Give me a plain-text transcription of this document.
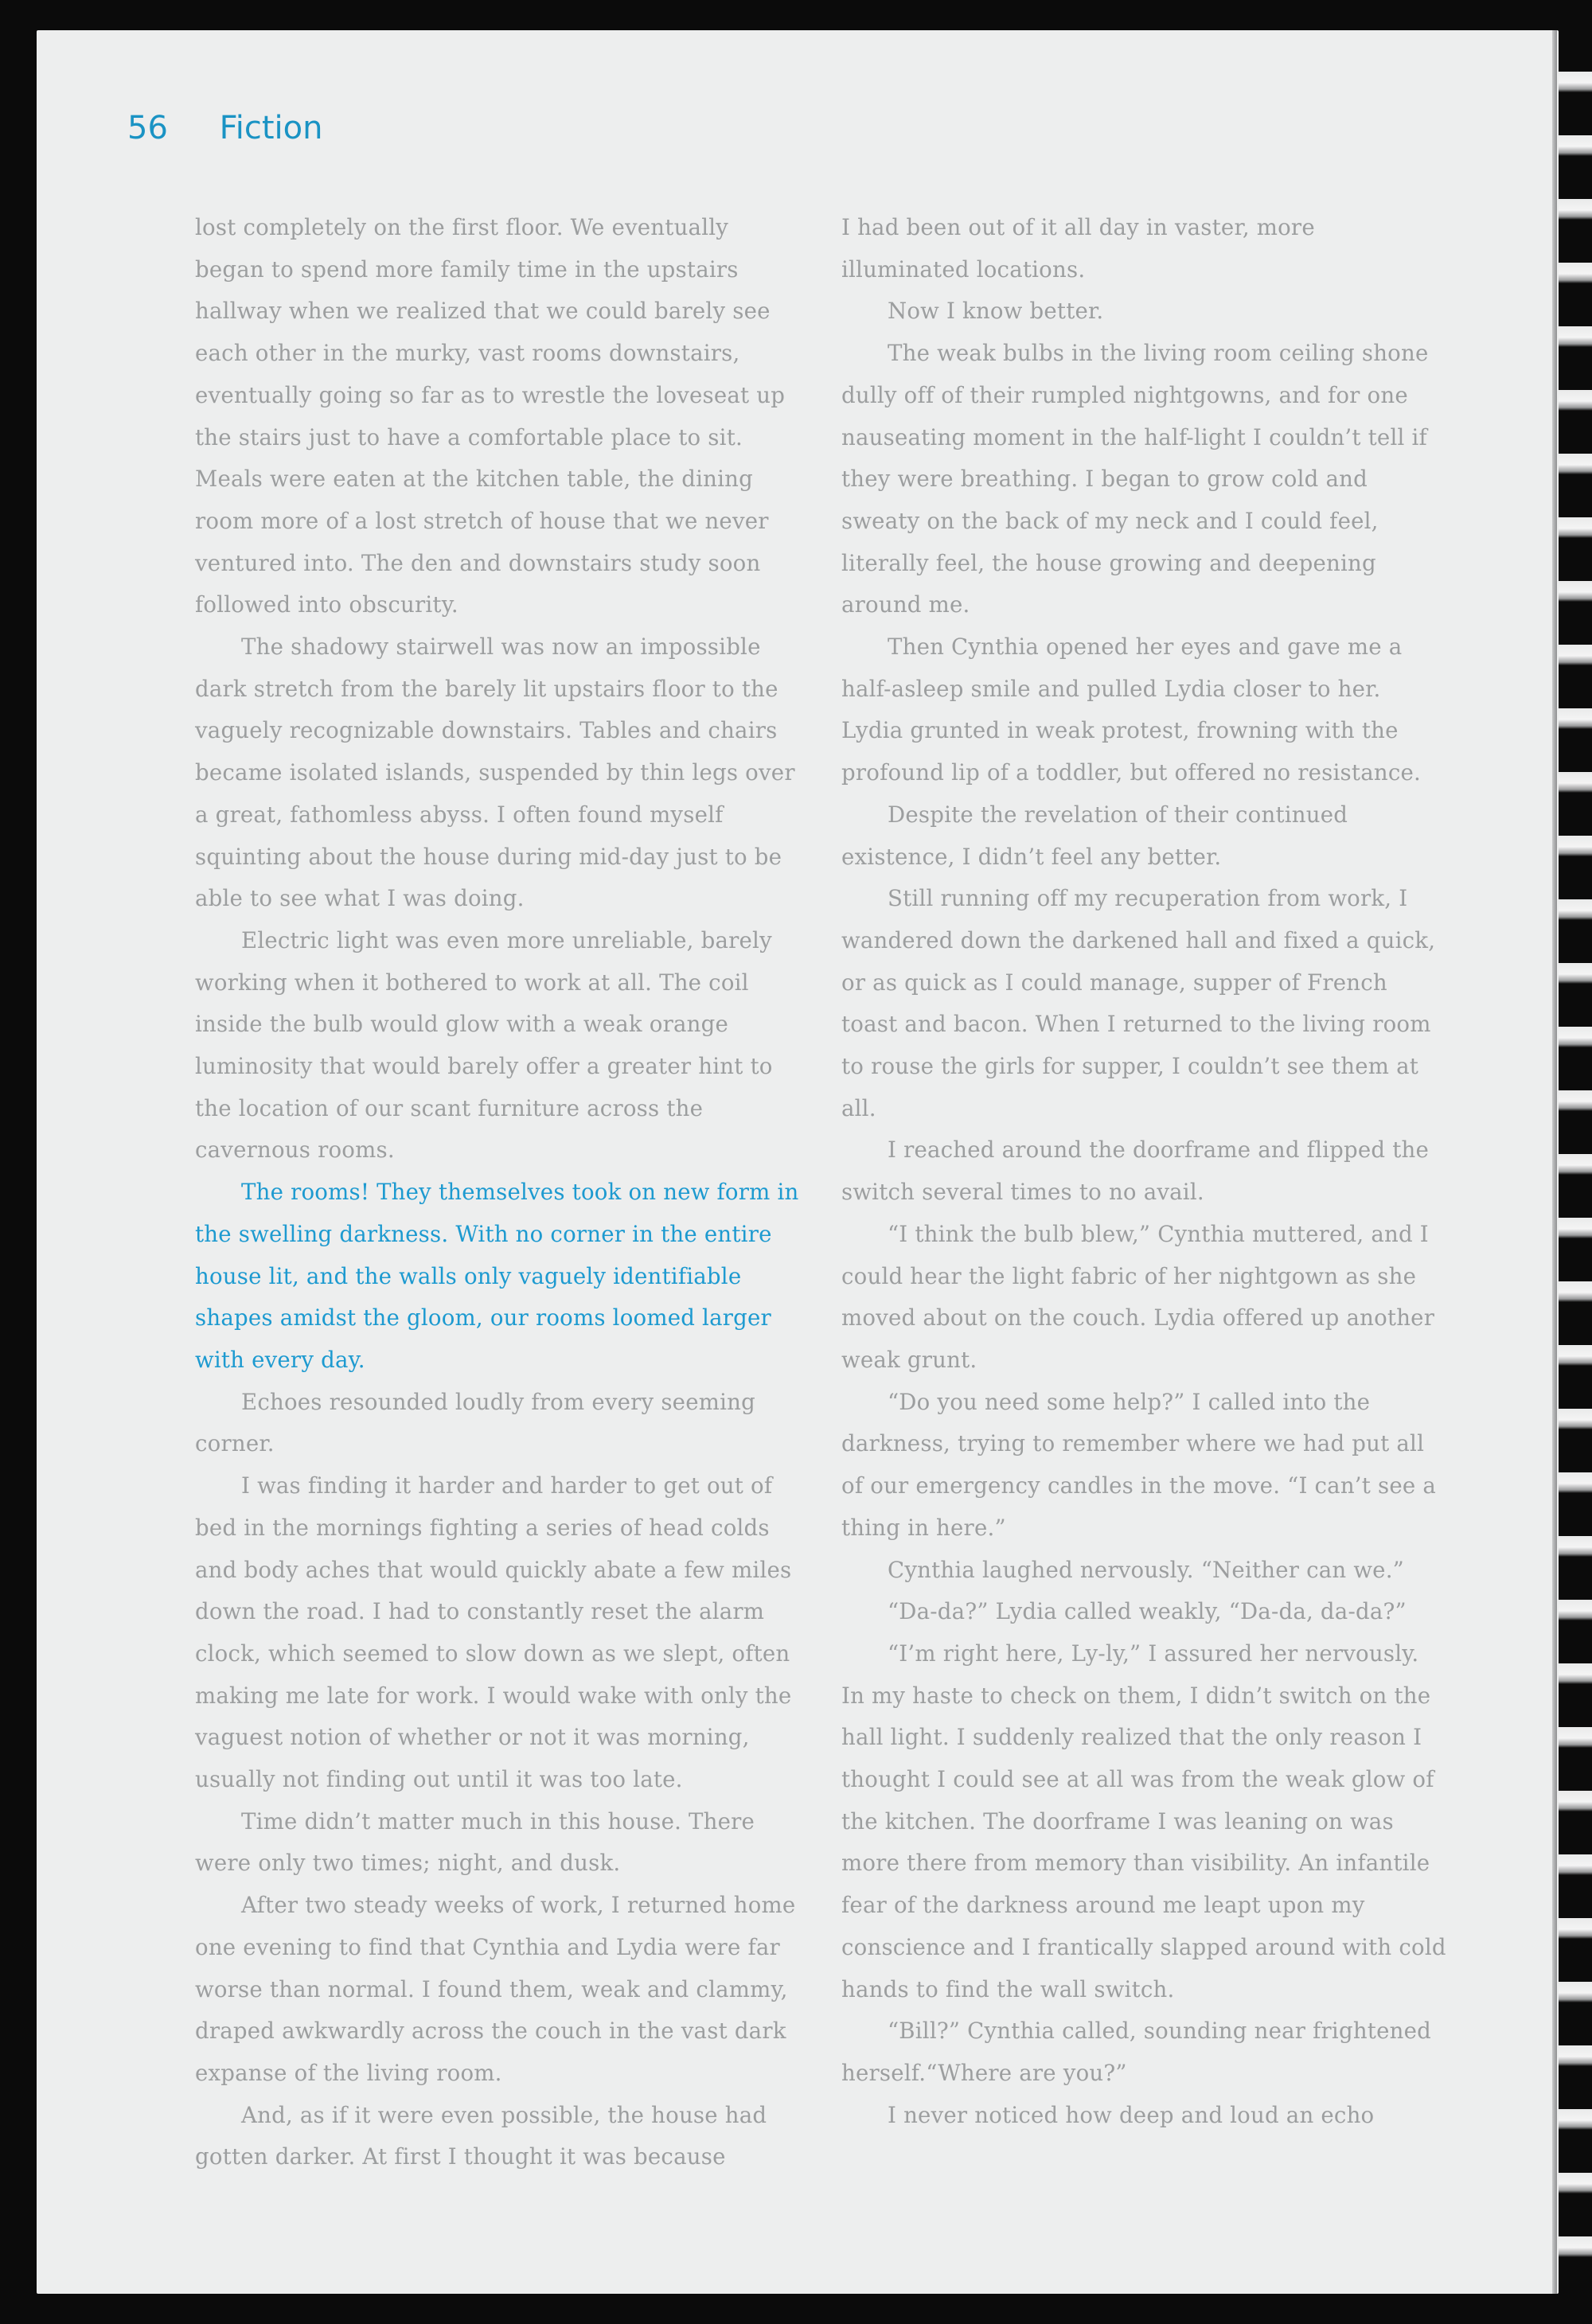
56 Fiction

lost completely on the first floor. We eventually began to spend more family time in the upstairs hallway when we realized that we could barely see each other in the murky, vast rooms downstairs, eventually going so far as to wrestle the loveseat up the stairs just to have a comfortable place to sit. Meals were eaten at the kitchen table, the dining room more of a lost stretch of house that we never ventured into. The den and downstairs study soon followed into obscurity.

The shadowy stairwell was now an impossible dark stretch from the barely lit upstairs floor to the vaguely recognizable downstairs. Tables and chairs became isolated islands, suspended by thin legs over a great, fathomless abyss. I often found myself squinting about the house during mid-day just to be able to see what I was doing.

Electric light was even more unreliable, barely working when it bothered to work at all. The coil inside the bulb would glow with a weak orange luminosity that would barely offer a greater hint to the location of our scant furniture across the cavernous rooms.

The rooms! They themselves took on new form in the swelling darkness. With no corner in the entire house lit, and the walls only vaguely identifiable shapes amidst the gloom, our rooms loomed larger with every day.

Echoes resounded loudly from every seeming corner.

I was finding it harder and harder to get out of bed in the mornings fighting a series of head colds and body aches that would quickly abate a few miles down the road. I had to constantly reset the alarm clock, which seemed to slow down as we slept, often making me late for work. I would wake with only the vaguest notion of whether or not it was morning, usually not finding out until it was too late.

Time didn’t matter much in this house. There were only two times; night, and dusk.

After two steady weeks of work, I returned home one evening to find that Cynthia and Lydia were far worse than normal. I found them, weak and clammy, draped awkwardly across the couch in the vast dark expanse of the living room.

And, as if it were even possible, the house had gotten darker. At first I thought it was because

I had been out of it all day in vaster, more illuminated locations.

Now I know better.

The weak bulbs in the living room ceiling shone dully off of their rumpled nightgowns, and for one nauseating moment in the half-light I couldn’t tell if they were breathing. I began to grow cold and sweaty on the back of my neck and I could feel, literally feel, the house growing and deepening around me.

Then Cynthia opened her eyes and gave me a half-asleep smile and pulled Lydia closer to her. Lydia grunted in weak protest, frowning with the profound lip of a toddler, but offered no resistance.

Despite the revelation of their continued existence, I didn’t feel any better.

Still running off my recuperation from work, I wandered down the darkened hall and fixed a quick, or as quick as I could manage, supper of French toast and bacon. When I returned to the living room to rouse the girls for supper, I couldn’t see them at all.

I reached around the doorframe and flipped the switch several times to no avail.

“I think the bulb blew,” Cynthia muttered, and I could hear the light fabric of her nightgown as she moved about on the couch. Lydia offered up another weak grunt.

“Do you need some help?” I called into the darkness, trying to remember where we had put all of our emergency candles in the move. “I can’t see a thing in here.”

Cynthia laughed nervously. “Neither can we.”

“Da-da?” Lydia called weakly, “Da-da, da-da?”

“I’m right here, Ly-ly,” I assured her nervously. In my haste to check on them, I didn’t switch on the hall light. I suddenly realized that the only reason I thought I could see at all was from the weak glow of the kitchen. The doorframe I was leaning on was more there from memory than visibility. An infantile fear of the darkness around me leapt upon my conscience and I frantically slapped around with cold hands to find the wall switch.

“Bill?” Cynthia called, sounding near frightened herself.“Where are you?”

I never noticed how deep and loud an echo
